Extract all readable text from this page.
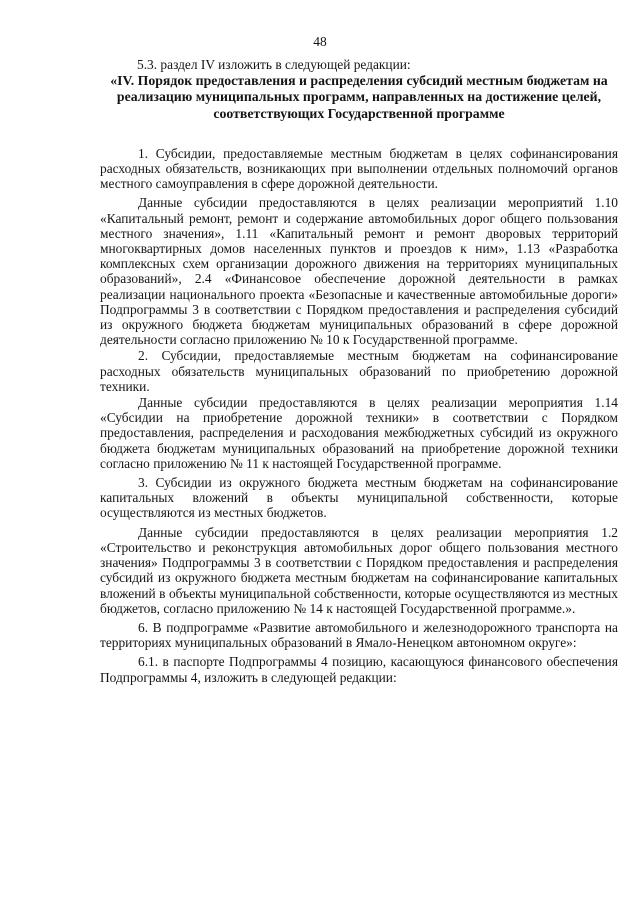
48

5.3. раздел IV изложить в следующей редакции:

«IV. Порядок предоставления и распределения субсидий местным бюджетам на реализацию муниципальных программ, направленных на достижение целей, соответствующих Государственной программе

1. Субсидии, предоставляемые местным бюджетам в целях софинансирования расходных обязательств, возникающих при выполнении отдельных полномочий органов местного самоуправления в сфере дорожной деятельности.

Данные субсидии предоставляются в целях реализации мероприятий 1.10 «Капитальный ремонт, ремонт и содержание автомобильных дорог общего пользования местного значения», 1.11 «Капитальный ремонт и ремонт дворовых территорий многоквартирных домов населенных пунктов и проездов к ним», 1.13 «Разработка комплексных схем организации дорожного движения на территориях муниципальных образований», 2.4 «Финансовое обеспечение дорожной деятельности в рамках реализации национального проекта «Безопасные и качественные автомобильные дороги» Подпрограммы 3 в соответствии с Порядком предоставления и распределения субсидий из окружного бюджета бюджетам муниципальных образований в сфере дорожной деятельности согласно приложению № 10 к Государственной программе.

2. Субсидии, предоставляемые местным бюджетам на софинансирование расходных обязательств муниципальных образований по приобретению дорожной техники.

Данные субсидии предоставляются в целях реализации мероприятия 1.14 «Субсидии на приобретение дорожной техники» в соответствии с Порядком предоставления, распределения и расходования межбюджетных субсидий из окружного бюджета бюджетам муниципальных образований на приобретение дорожной техники согласно приложению № 11 к настоящей Государственной программе.

3. Субсидии из окружного бюджета местным бюджетам на софинансирование капитальных вложений в объекты муниципальной собственности, которые осуществляются из местных бюджетов.

Данные субсидии предоставляются в целях реализации мероприятия 1.2 «Строительство и реконструкция автомобильных дорог общего пользования местного значения» Подпрограммы 3 в соответствии с Порядком предоставления и распределения субсидий из окружного бюджета местным бюджетам на софинансирование капитальных вложений в объекты муниципальной собственности, которые осуществляются из местных бюджетов, согласно приложению № 14 к настоящей Государственной программе.».

6. В подпрограмме «Развитие автомобильного и железнодорожного транспорта на территориях муниципальных образований в Ямало-Ненецком автономном округе»:

6.1. в паспорте Подпрограммы 4 позицию, касающуюся финансового обеспечения Подпрограммы 4, изложить в следующей редакции:
